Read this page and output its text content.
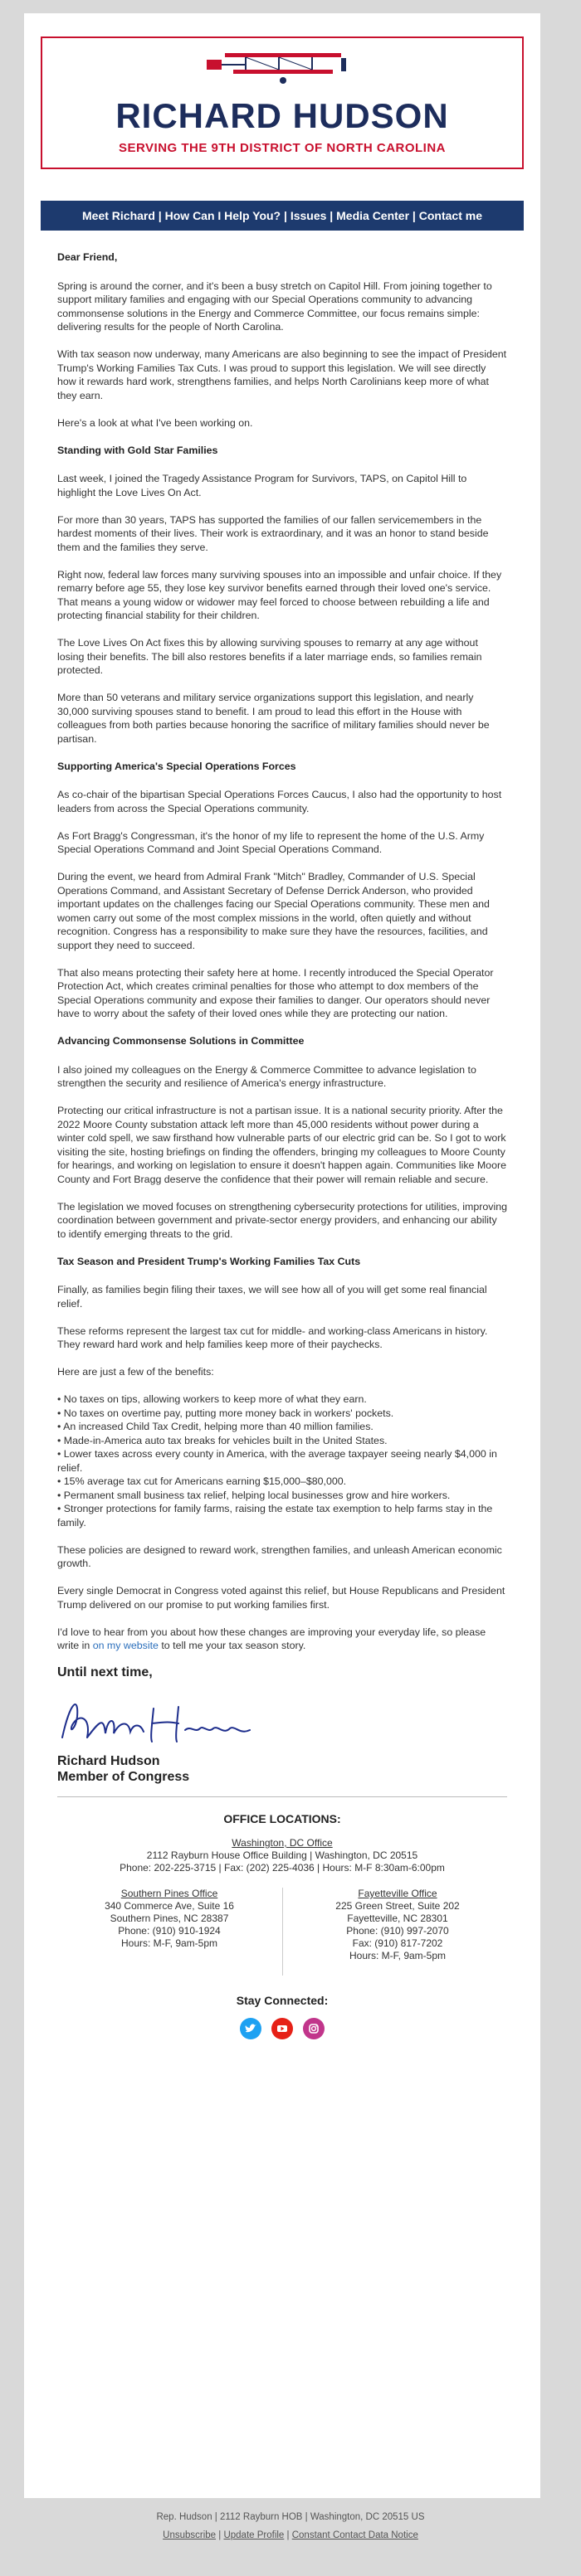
RICHARD HUDSON
SERVING THE 9TH DISTRICT OF NORTH CAROLINA
Meet Richard | How Can I Help You? | Issues | Media Center | Contact me

Dear Friend,

Spring is around the corner, and it's been a busy stretch on Capitol Hill. From joining together to support military families and engaging with our Special Operations community to advancing commonsense solutions in the Energy and Commerce Committee, our focus remains simple: delivering results for the people of North Carolina.

With tax season now underway, many Americans are also beginning to see the impact of President Trump's Working Families Tax Cuts. I was proud to support this legislation. We will see directly how it rewards hard work, strengthens families, and helps North Carolinians keep more of what they earn.

Here's a look at what I've been working on.

Standing with Gold Star Families

Last week, I joined the Tragedy Assistance Program for Survivors, TAPS, on Capitol Hill to highlight the Love Lives On Act.

For more than 30 years, TAPS has supported the families of our fallen servicemembers in the hardest moments of their lives. Their work is extraordinary, and it was an honor to stand beside them and the families they serve.

Right now, federal law forces many surviving spouses into an impossible and unfair choice. If they remarry before age 55, they lose key survivor benefits earned through their loved one's service. That means a young widow or widower may feel forced to choose between rebuilding a life and protecting financial stability for their children.

The Love Lives On Act fixes this by allowing surviving spouses to remarry at any age without losing their benefits. The bill also restores benefits if a later marriage ends, so families remain protected.

More than 50 veterans and military service organizations support this legislation, and nearly 30,000 surviving spouses stand to benefit. I am proud to lead this effort in the House with colleagues from both parties because honoring the sacrifice of military families should never be partisan.

Supporting America's Special Operations Forces

As co-chair of the bipartisan Special Operations Forces Caucus, I also had the opportunity to host leaders from across the Special Operations community.

As Fort Bragg's Congressman, it's the honor of my life to represent the home of the U.S. Army Special Operations Command and Joint Special Operations Command.

During the event, we heard from Admiral Frank "Mitch" Bradley, Commander of U.S. Special Operations Command, and Assistant Secretary of Defense Derrick Anderson, who provided important updates on the challenges facing our Special Operations community. These men and women carry out some of the most complex missions in the world, often quietly and without recognition. Congress has a responsibility to make sure they have the resources, facilities, and support they need to succeed.

That also means protecting their safety here at home. I recently introduced the Special Operator Protection Act, which creates criminal penalties for those who attempt to dox members of the Special Operations community and expose their families to danger. Our operators should never have to worry about the safety of their loved ones while they are protecting our nation.

Advancing Commonsense Solutions in Committee

I also joined my colleagues on the Energy & Commerce Committee to advance legislation to strengthen the security and resilience of America's energy infrastructure.

Protecting our critical infrastructure is not a partisan issue. It is a national security priority. After the 2022 Moore County substation attack left more than 45,000 residents without power during a winter cold spell, we saw firsthand how vulnerable parts of our electric grid can be. So I got to work visiting the site, hosting briefings on finding the offenders, bringing my colleagues to Moore County for hearings, and working on legislation to ensure it doesn't happen again. Communities like Moore County and Fort Bragg deserve the confidence that their power will remain reliable and secure.

The legislation we moved focuses on strengthening cybersecurity protections for utilities, improving coordination between government and private-sector energy providers, and enhancing our ability to identify emerging threats to the grid.

Tax Season and President Trump's Working Families Tax Cuts

Finally, as families begin filing their taxes, we will see how all of you will get some real financial relief.

These reforms represent the largest tax cut for middle- and working-class Americans in history. They reward hard work and help families keep more of their paychecks.

Here are just a few of the benefits:

• No taxes on tips, allowing workers to keep more of what they earn.
• No taxes on overtime pay, putting more money back in workers' pockets.
• An increased Child Tax Credit, helping more than 40 million families.
• Made-in-America auto tax breaks for vehicles built in the United States.
• Lower taxes across every county in America, with the average taxpayer seeing nearly $4,000 in relief.
• 15% average tax cut for Americans earning $15,000–$80,000.
• Permanent small business tax relief, helping local businesses grow and hire workers.
• Stronger protections for family farms, raising the estate tax exemption to help farms stay in the family.

These policies are designed to reward work, strengthen families, and unleash American economic growth.

Every single Democrat in Congress voted against this relief, but House Republicans and President Trump delivered on our promise to put working families first.

I'd love to hear from you about how these changes are improving your everyday life, so please write in on my website to tell me your tax season story.

Until next time,
Richard Hudson
Member of Congress
OFFICE LOCATIONS:
Washington, DC Office
2112 Rayburn House Office Building | Washington, DC 20515
Phone: 202-225-3715 | Fax: (202) 225-4036 | Hours: M-F 8:30am-6:00pm
Southern Pines Office
340 Commerce Ave, Suite 16
Southern Pines, NC 28387
Phone: (910) 910-1924
Hours: M-F, 9am-5pm
Fayetteville Office
225 Green Street, Suite 202
Fayetteville, NC 28301
Phone: (910) 997-2070
Fax: (910) 817-7202
Hours: M-F, 9am-5pm
Stay Connected:
Rep. Hudson | 2112 Rayburn HOB | Washington, DC 20515 US
Unsubscribe | Update Profile | Constant Contact Data Notice
